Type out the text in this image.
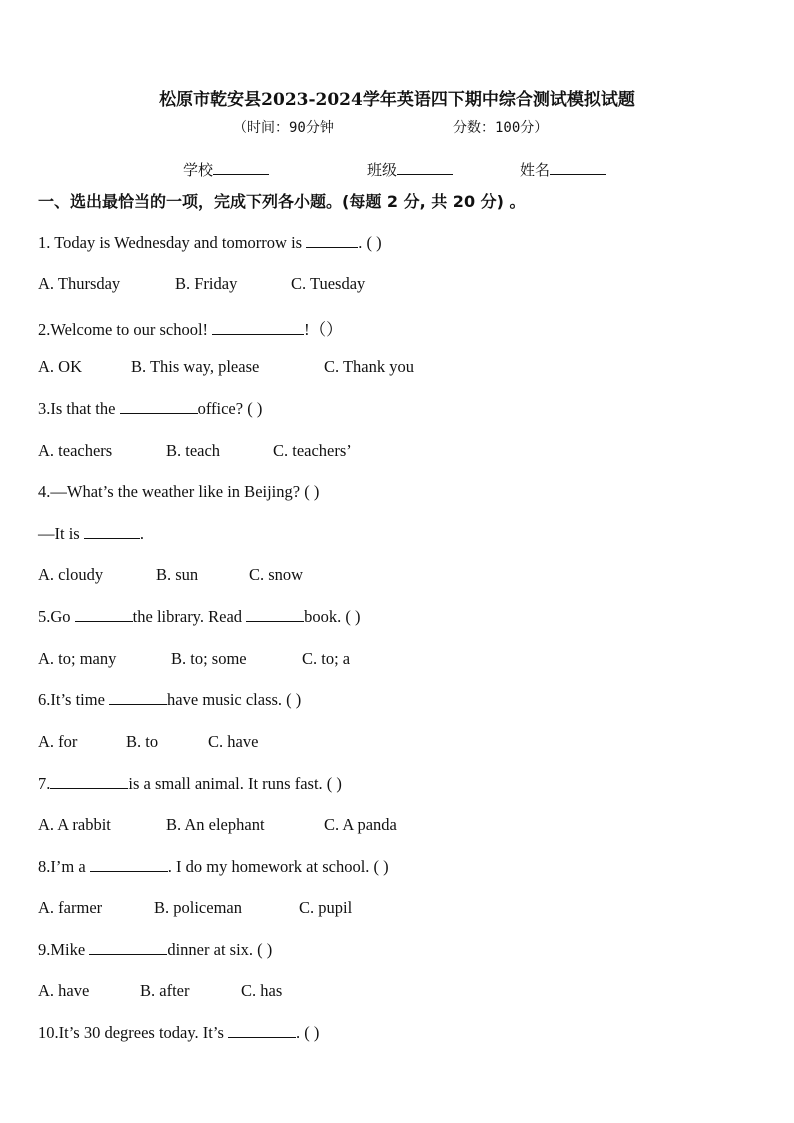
松原市乾安县2023-2024学年英语四下期中综合测试模拟试题
（时间：90分钟	分数：100分）
学校	班级	姓名
一、选出最恰当的一项，完成下列各小题。(每题 2 分, 共 20 分) 。
1. Today is Wednesday and tomorrow is	. ( )
A. Thursday	B. Friday	C. Tuesday
2.Welcome to our school!	!（）
A. OK	B. This way, please	C. Thank you
3.Is that the	office? ( )
A. teachers	B. teach	C. teachers’
4.—What’s the weather like in Beijing? ( )
—It is	.
A. cloudy	B. sun	C. snow
5.Go	the library. Read	book. ( )
A. to; many	B. to; some	C. to; a
6.It’s time	have music class. ( )
A. for	B. to	C. have
7.	is a small animal. It runs fast. ( )
A. A rabbit	B. An elephant	C. A panda
8.I’m a	. I do my homework at school. ( )
A. farmer	B. policeman	C. pupil
9.Mike	dinner at six. ( )
A. have	B. after	C. has
10.It’s 30 degrees today. It’s	. ( )
